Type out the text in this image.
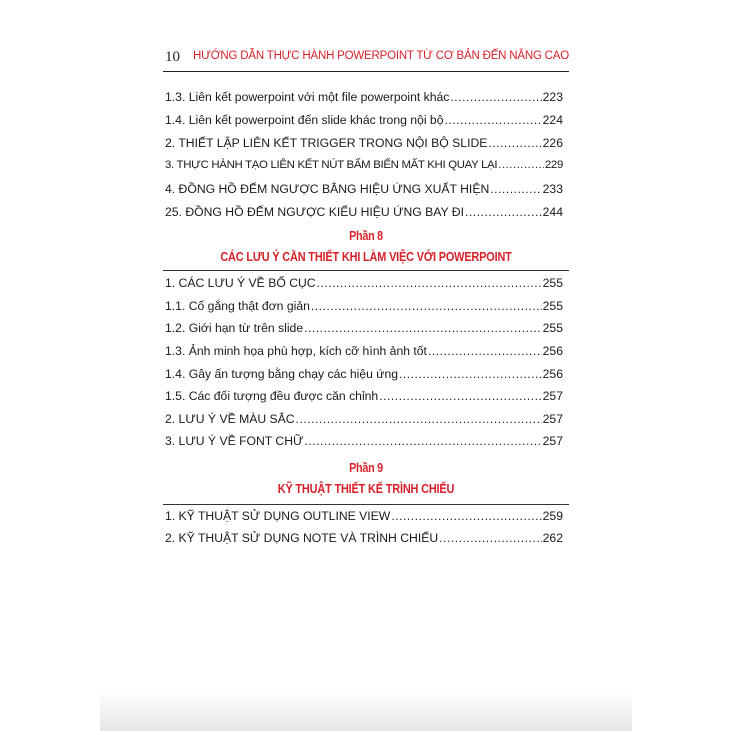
10 HƯỚNG DẪN THỰC HÀNH POWERPOINT TỪ CƠ BẢN ĐẾN NÂNG CAO
1.3. Liên kết powerpoint với một file powerpoint khác .....	223
1.4. Liên kết powerpoint đến slide khác trong nội bộ .....	224
2. THIẾT LẬP LIÊN KẾT TRIGGER TRONG NỘI BỘ SLIDE .....	226
3. THỰC HÀNH TẠO LIÊN KẾT NÚT BẤM BIẾN MẤT KHI QUAY LẠI .....	229
4. ĐỒNG HỒ ĐẾM NGƯỢC BẰNG HIỆU ỨNG XUẤT HIỆN .....	233
25. ĐỒNG HỒ ĐẾM NGƯỢC KIỂU HIỆU ỨNG BAY ĐI .....	244
Phần 8
CÁC LƯU Ý CẦN THIẾT KHI LÀM VIỆC VỚI POWERPOINT
1. CÁC LƯU Ý VỀ BỐ CỤC .....	255
1.1. Cố gắng thật đơn giản .....	255
1.2. Giới hạn từ trên slide .....	255
1.3. Ảnh minh họa phù hợp, kích cỡ hình ảnh tốt .....	256
1.4. Gây ấn tượng bằng chạy các hiệu ứng .....	256
1.5. Các đối tượng đều được căn chỉnh .....	257
2. LƯU Ý VỀ MÀU SẮC .....	257
3. LƯU Ý VỀ FONT CHỮ .....	257
Phần 9
KỸ THUẬT THIẾT KẾ TRÌNH CHIẾU
1. KỸ THUẬT SỬ DỤNG OUTLINE VIEW .....	259
2. KỸ THUẬT SỬ DỤNG NOTE VÀ TRÌNH CHIẾU .....	262
